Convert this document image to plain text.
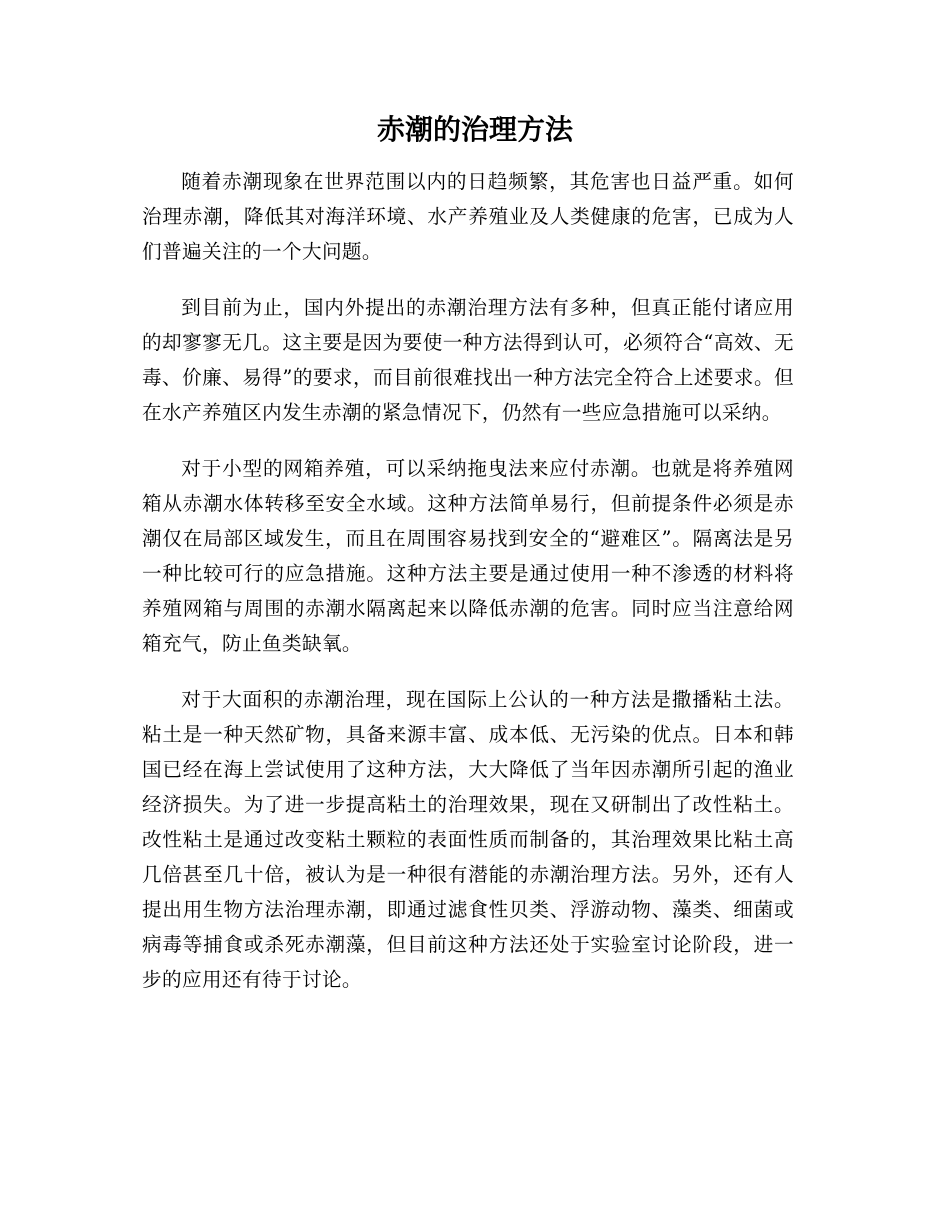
赤潮的治理方法

随着赤潮现象在世界范围以内的日趋频繁，其危害也日益严重。如何治理赤潮，降低其对海洋环境、水产养殖业及人类健康的危害，已成为人们普遍关注的一个大问题。

到目前为止，国内外提出的赤潮治理方法有多种，但真正能付诸应用的却寥寥无几。这主要是因为要使一种方法得到认可，必须符合“高效、无毒、价廉、易得”的要求，而目前很难找出一种方法完全符合上述要求。但在水产养殖区内发生赤潮的紧急情况下，仍然有一些应急措施可以采纳。

对于小型的网箱养殖，可以采纳拖曳法来应付赤潮。也就是将养殖网箱从赤潮水体转移至安全水域。这种方法简单易行，但前提条件必须是赤潮仅在局部区域发生，而且在周围容易找到安全的“避难区”。隔离法是另一种比较可行的应急措施。这种方法主要是通过使用一种不渗透的材料将养殖网箱与周围的赤潮水隔离起来以降低赤潮的危害。同时应当注意给网箱充气，防止鱼类缺氧。

对于大面积的赤潮治理，现在国际上公认的一种方法是撒播粘土法。粘土是一种天然矿物，具备来源丰富、成本低、无污染的优点。日本和韩国已经在海上尝试使用了这种方法，大大降低了当年因赤潮所引起的渔业经济损失。为了进一步提高粘土的治理效果，现在又研制出了改性粘土。改性粘土是通过改变粘土颗粒的表面性质而制备的，其治理效果比粘土高几倍甚至几十倍，被认为是一种很有潜能的赤潮治理方法。另外，还有人提出用生物方法治理赤潮，即通过滤食性贝类、浮游动物、藻类、细菌或病毒等捕食或杀死赤潮藻，但目前这种方法还处于实验室讨论阶段，进一步的应用还有待于讨论。
